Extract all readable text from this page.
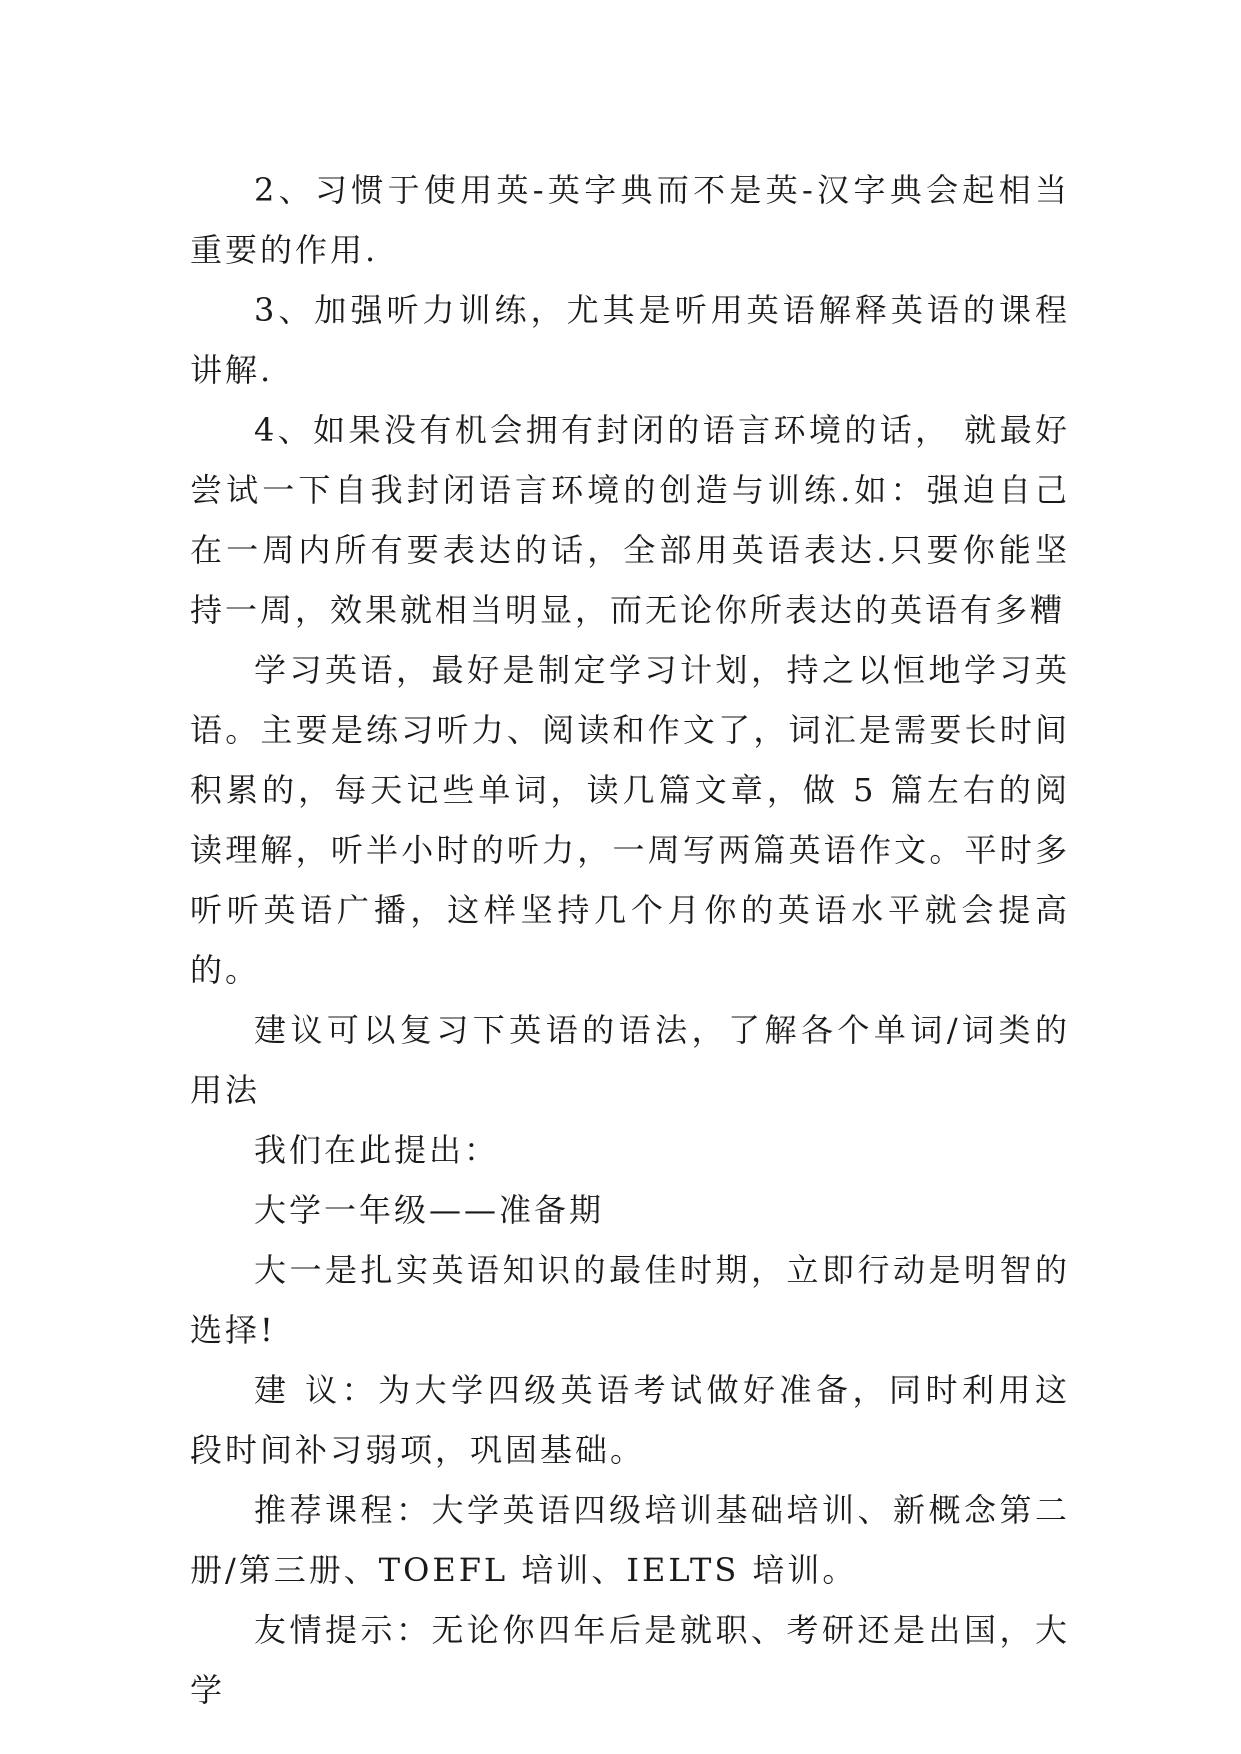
2、习惯于使用英-英字典而不是英-汉字典会起相当重要的作用.

3、加强听力训练，尤其是听用英语解释英语的课程讲解.

4、如果没有机会拥有封闭的语言环境的话， 就最好尝试一下自我封闭语言环境的创造与训练.如：强迫自己在一周内所有要表达的话，全部用英语表达.只要你能坚持一周，效果就相当明显，而无论你所表达的英语有多糟

学习英语，最好是制定学习计划，持之以恒地学习英语。主要是练习听力、阅读和作文了，词汇是需要长时间积累的，每天记些单词，读几篇文章，做 5 篇左右的阅读理解，听半小时的听力，一周写两篇英语作文。平时多听听英语广播，这样坚持几个月你的英语水平就会提高的。

建议可以复习下英语的语法，了解各个单词/词类的用法

我们在此提出：

大学一年级——准备期

大一是扎实英语知识的最佳时期，立即行动是明智的选择!

建 议：为大学四级英语考试做好准备，同时利用这段时间补习弱项，巩固基础。

推荐课程：大学英语四级培训基础培训、新概念第二册/第三册、TOEFL 培训、IELTS 培训。

友情提示：无论你四年后是就职、考研还是出国，大学
